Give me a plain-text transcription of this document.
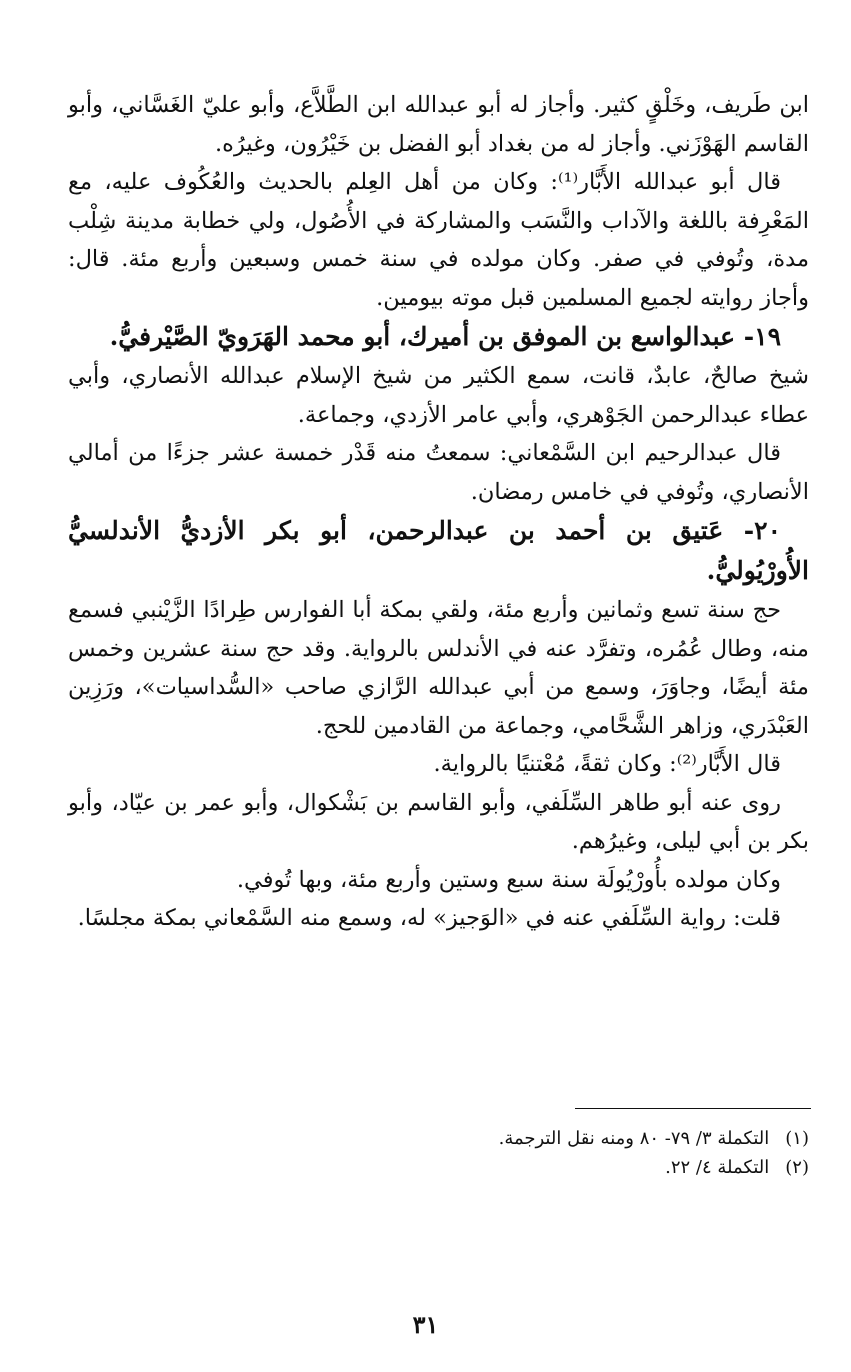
ابن طَريف، وخَلْقٍ كثير. وأجاز له أبو عبدالله ابن الطَّلاَّع، وأبو عليّ الغَسَّاني، وأبو القاسم الهَوْزَني. وأجاز له من بغداد أبو الفضل بن خَيْرُون، وغيرُه.

قال أبو عبدالله الأَبَّار⁽¹⁾: وكان من أهل العِلم بالحديث والعُكُوف عليه، مع المَعْرِفة باللغة والآداب والنَّسَب والمشاركة في الأُصُول، ولي خطابة مدينة شِلْب مدة، وتُوفي في صفر. وكان مولده في سنة خمس وسبعين وأربع مئة. قال: وأجاز روايته لجميع المسلمين قبل موته بيومين.

١٩- عبدالواسع بن الموفق بن أميرك، أبو محمد الهَرَويّ الصَّيْرفيُّ.

شيخ صالحٌ، عابدٌ، قانت، سمع الكثير من شيخ الإسلام عبدالله الأنصاري، وأبي عطاء عبدالرحمن الجَوْهري، وأبي عامر الأزدي، وجماعة.

قال عبدالرحيم ابن السَّمْعاني: سمعتُ منه قَدْر خمسة عشر جزءًا من أمالي الأنصاري، وتُوفي في خامس رمضان.

٢٠- عَتيق بن أحمد بن عبدالرحمن، أبو بكر الأزديُّ الأندلسيُّ الأُورْيُوليُّ.

حج سنة تسع وثمانين وأربع مئة، ولقي بمكة أبا الفوارس طِرادًا الزَّيْنبي فسمع منه، وطال عُمُره، وتفرَّد عنه في الأندلس بالرواية. وقد حج سنة عشرين وخمس مئة أيضًا، وجاوَرَ، وسمع من أبي عبدالله الرَّازي صاحب «السُّداسيات»، ورَزِين العَبْدَري، وزاهر الشَّحَّامي، وجماعة من القادمين للحج.

قال الأَبَّار⁽²⁾: وكان ثقةً، مُعْتنيًا بالرواية.

روى عنه أبو طاهر السِّلَفي، وأبو القاسم بن بَشْكوال، وأبو عمر بن عيّاد، وأبو بكر بن أبي ليلى، وغيرُهم.

وكان مولده بأُورْيُولَة سنة سبع وستين وأربع مئة، وبها تُوفي.

قلت: رواية السِّلَفي عنه في «الوَجيز» له، وسمع منه السَّمْعاني بمكة مجلسًا.

(١) التكملة ٣/ ٧٩- ٨٠ ومنه نقل الترجمة.

(٢) التكملة ٤/ ٢٢.

٣١
